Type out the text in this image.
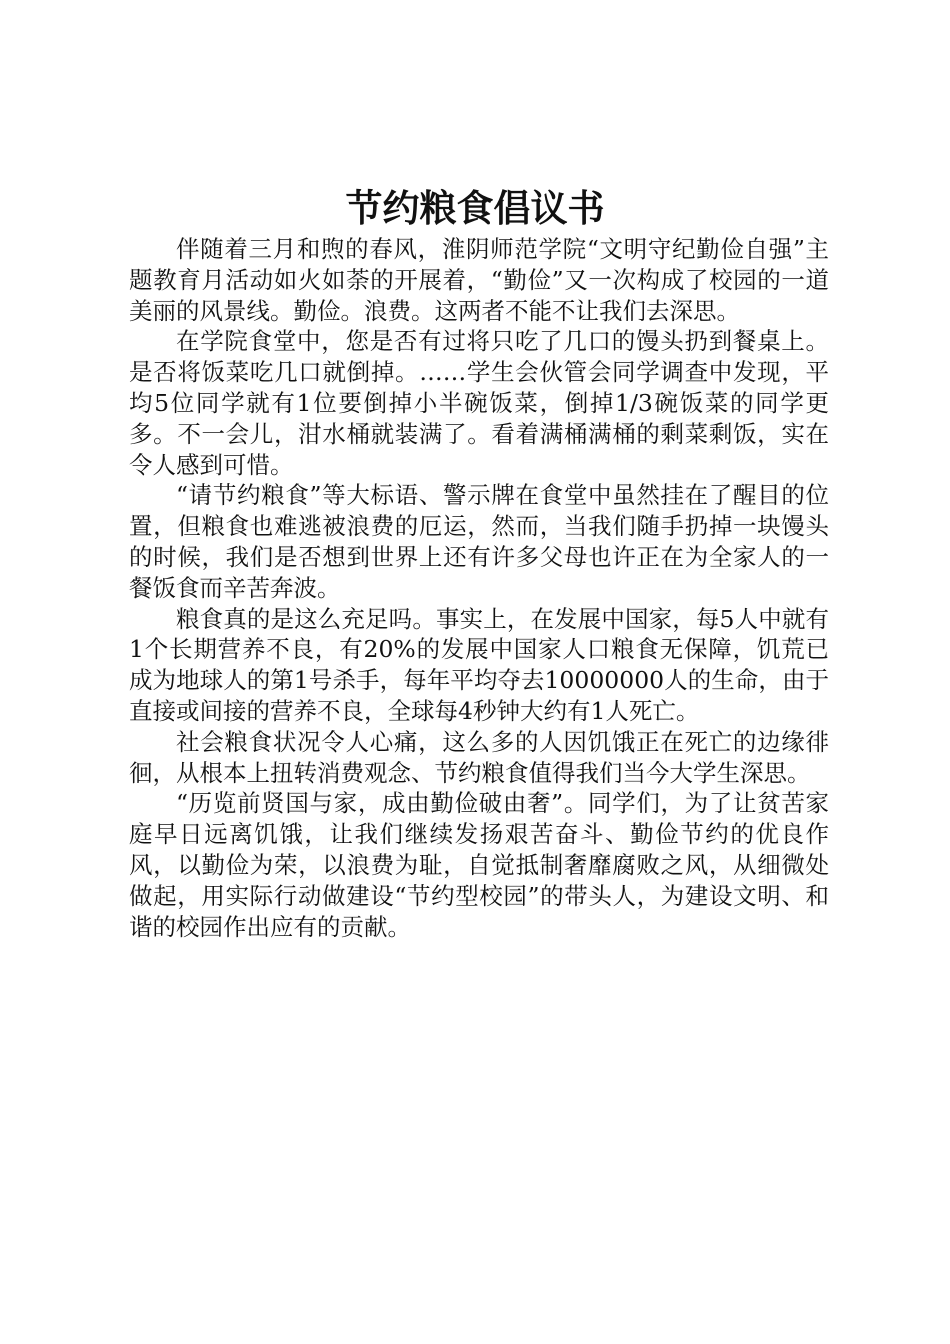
节约粮食倡议书

伴随着三月和煦的春风，淮阴师范学院“文明守纪勤俭自强”主题教育月活动如火如荼的开展着，“勤俭”又一次构成了校园的一道美丽的风景线。勤俭。浪费。这两者不能不让我们去深思。

在学院食堂中，您是否有过将只吃了几口的馒头扔到餐桌上。是否将饭菜吃几口就倒掉。……学生会伙管会同学调查中发现，平均5位同学就有1位要倒掉小半碗饭菜，倒掉1/3碗饭菜的同学更多。不一会儿，泔水桶就装满了。看着满桶满桶的剩菜剩饭，实在令人感到可惜。

“请节约粮食”等大标语、警示牌在食堂中虽然挂在了醒目的位置，但粮食也难逃被浪费的厄运，然而，当我们随手扔掉一块馒头的时候，我们是否想到世界上还有许多父母也许正在为全家人的一餐饭食而辛苦奔波。

粮食真的是这么充足吗。事实上，在发展中国家，每5人中就有1个长期营养不良，有20%的发展中国家人口粮食无保障，饥荒已成为地球人的第1号杀手，每年平均夺去10000000人的生命，由于直接或间接的营养不良，全球每4秒钟大约有1人死亡。

社会粮食状况令人心痛，这么多的人因饥饿正在死亡的边缘徘徊，从根本上扭转消费观念、节约粮食值得我们当今大学生深思。

“历览前贤国与家，成由勤俭破由奢”。同学们，为了让贫苦家庭早日远离饥饿，让我们继续发扬艰苦奋斗、勤俭节约的优良作风，以勤俭为荣，以浪费为耻，自觉抵制奢靡腐败之风，从细微处做起，用实际行动做建设“节约型校园”的带头人，为建设文明、和谐的校园作出应有的贡献。
